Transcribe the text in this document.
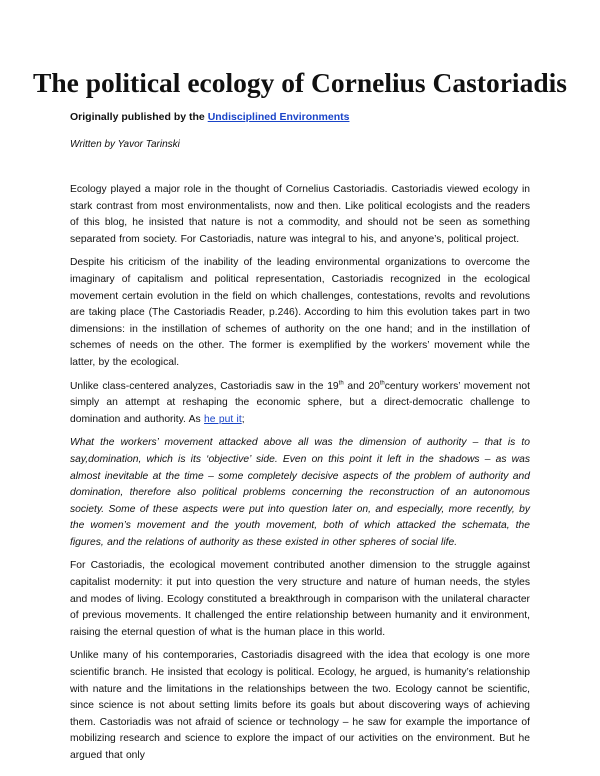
The political ecology of Cornelius Castoriadis
Originally published by the Undisciplined Environments
Written by Yavor Tarinski

Ecology played a major role in the thought of Cornelius Castoriadis. Castoriadis viewed ecology in stark contrast from most environmentalists, now and then. Like political ecologists and the readers of this blog, he insisted that nature is not a commodity, and should not be seen as something separated from society. For Castoriadis, nature was integral to his, and anyone’s, political project.

Despite his criticism of the inability of the leading environmental organizations to overcome the imaginary of capitalism and political representation, Castoriadis recognized in the ecological movement certain evolution in the field on which challenges, contestations, revolts and revolutions are taking place (The Castoriadis Reader, p.246). According to him this evolution takes part in two dimensions: in the instillation of schemes of authority on the one hand; and in the instillation of schemes of needs on the other. The former is exemplified by the workers’ movement while the latter, by the ecological.

Unlike class-centered analyzes, Castoriadis saw in the 19th and 20thcentury workers’ movement not simply an attempt at reshaping the economic sphere, but a direct-democratic challenge to domination and authority. As he put it;

What the workers’ movement attacked above all was the dimension of authority – that is to say,domination, which is its ‘objective’ side. Even on this point it left in the shadows – as was almost inevitable at the time – some completely decisive aspects of the problem of authority and domination, therefore also political problems concerning the reconstruction of an autonomous society. Some of these aspects were put into question later on, and especially, more recently, by the women’s movement and the youth movement, both of which attacked the schemata, the figures, and the relations of authority as these existed in other spheres of social life.

For Castoriadis, the ecological movement contributed another dimension to the struggle against capitalist modernity: it put into question the very structure and nature of human needs, the styles and modes of living. Ecology constituted a breakthrough in comparison with the unilateral character of previous movements. It challenged the entire relationship between humanity and it environment, raising the eternal question of what is the human place in this world.

Unlike many of his contemporaries, Castoriadis disagreed with the idea that ecology is one more scientific branch. He insisted that ecology is political. Ecology, he argued, is humanity’s relationship with nature and the limitations in the relationships between the two. Ecology cannot be scientific, since science is not about setting limits before its goals but about discovering ways of achieving them. Castoriadis was not afraid of science or technology – he saw for example the importance of mobilizing research and science to explore the impact of our activities on the environment. But he argued that only
